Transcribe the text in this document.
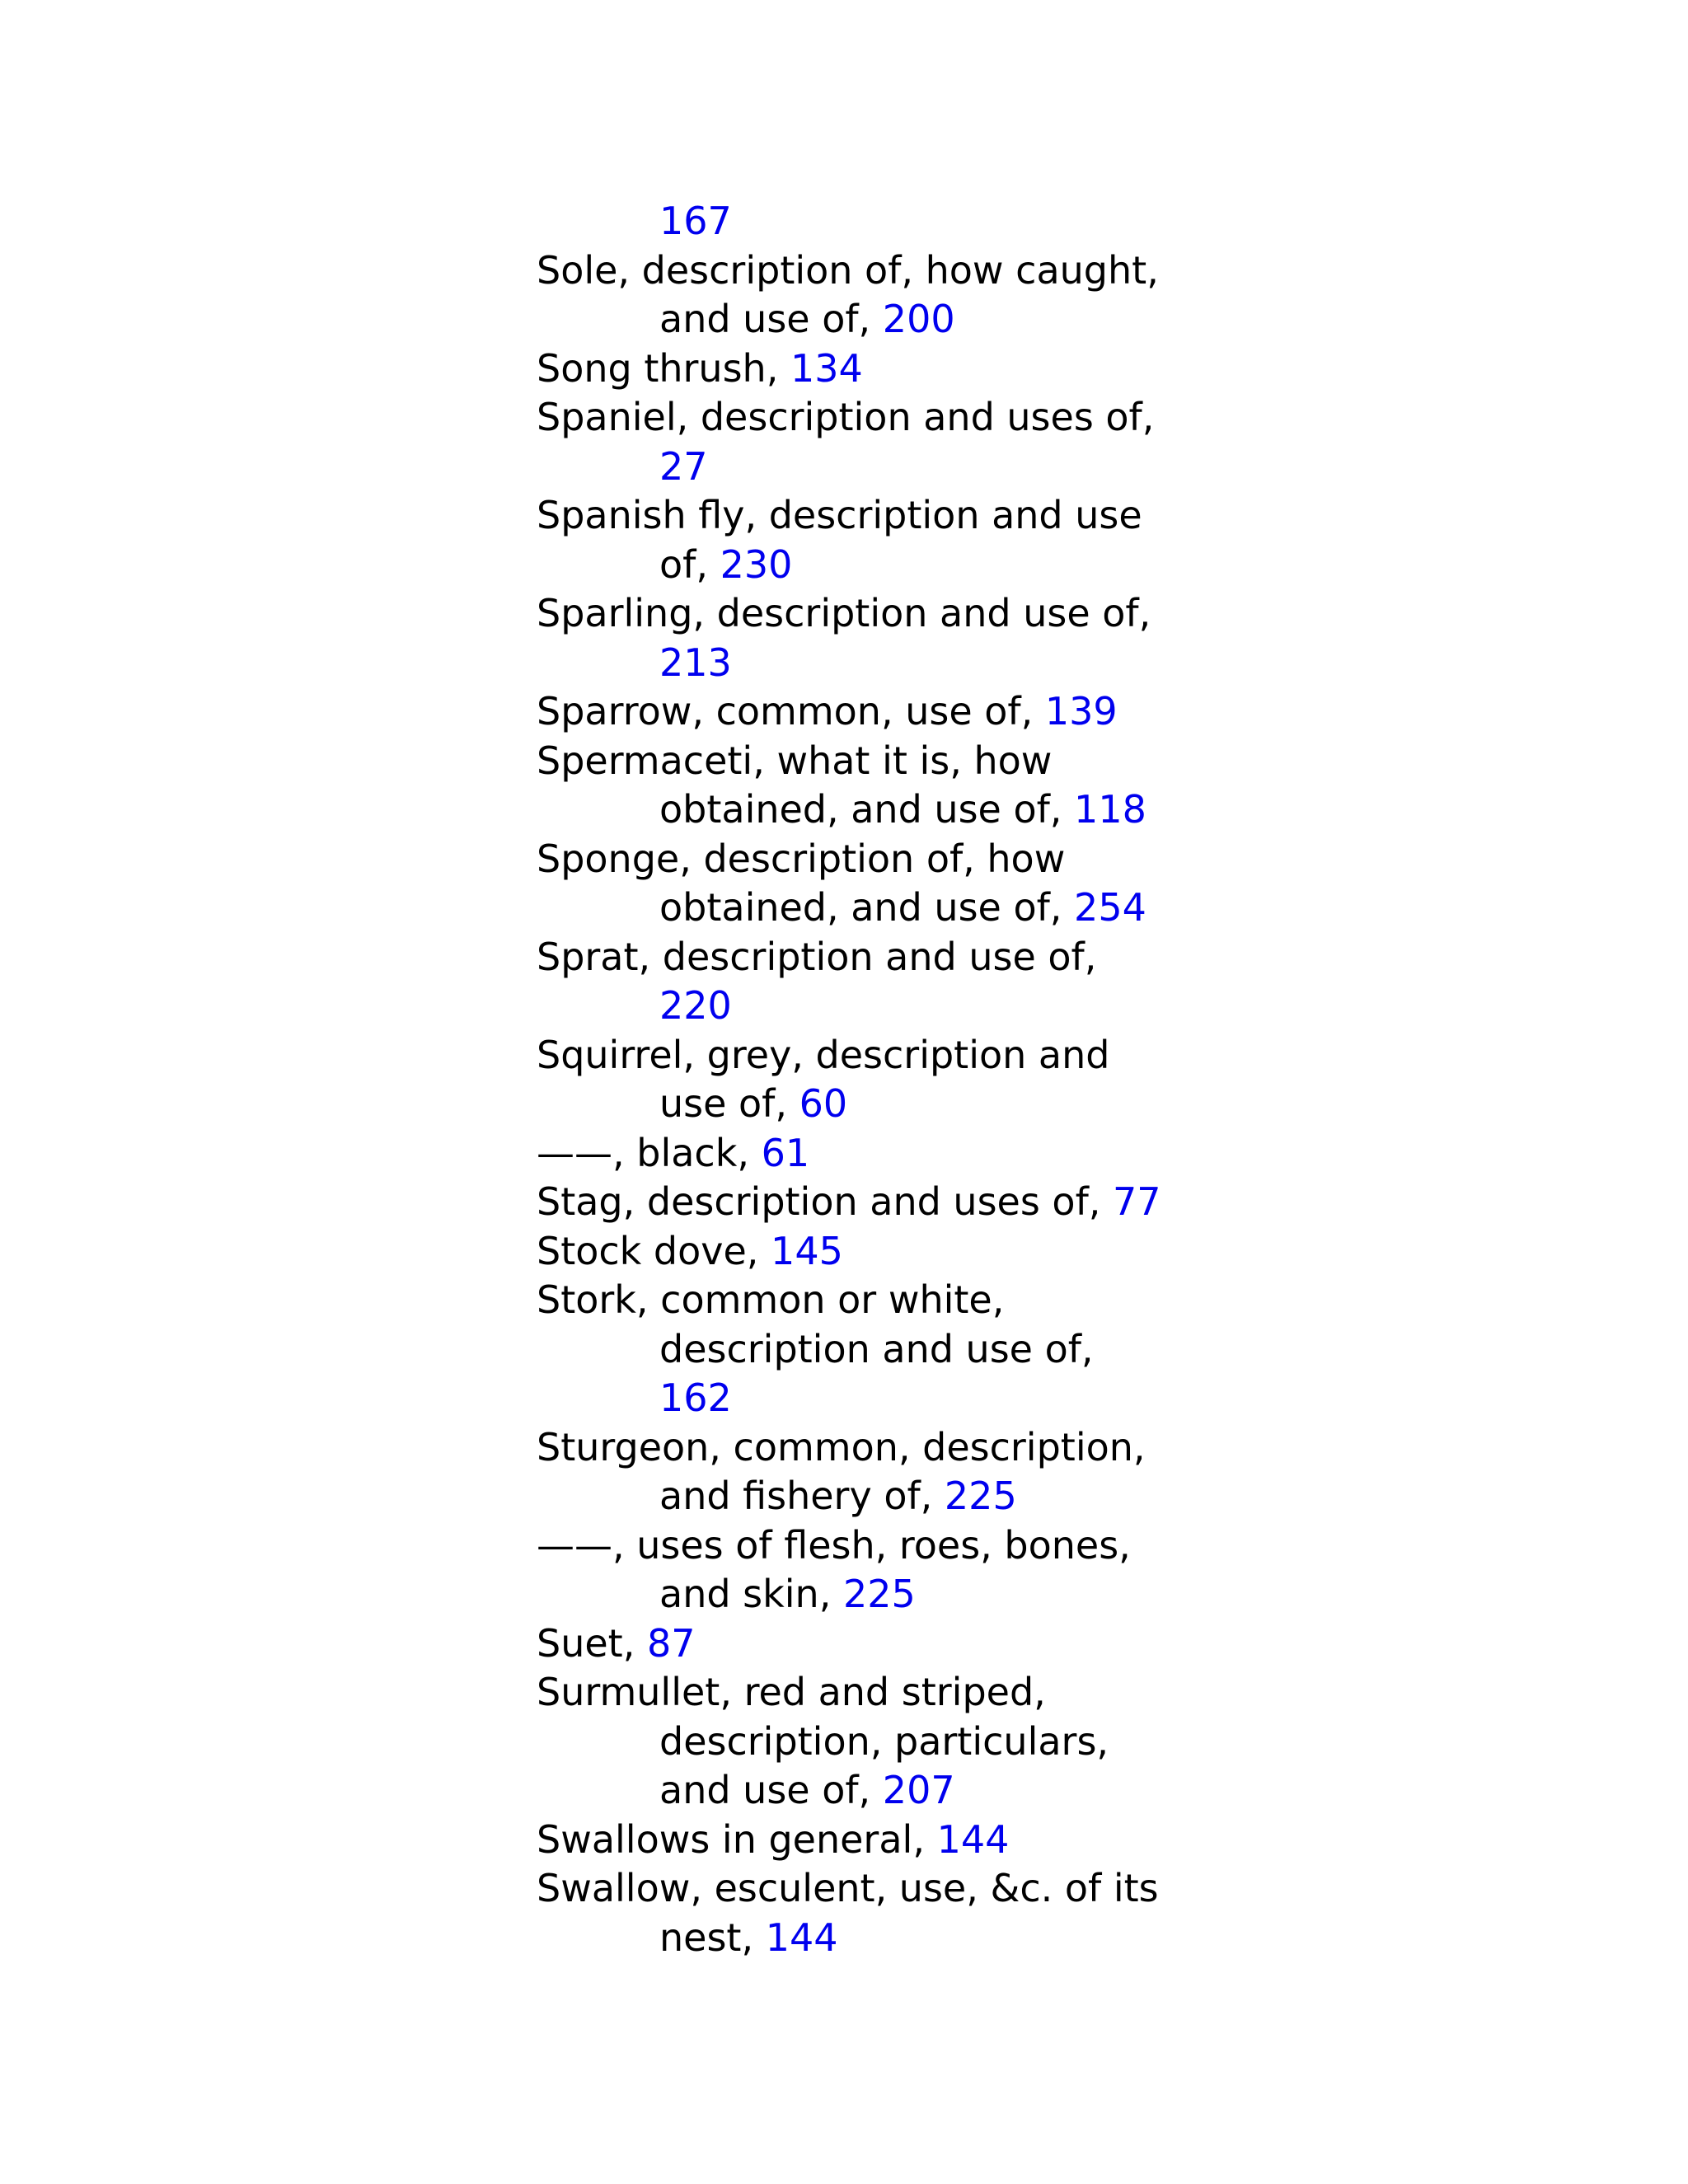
167
Sole, description of, how caught,
and use of, 200
Song thrush, 134
Spaniel, description and uses of,
27
Spanish fly, description and use
of, 230
Sparling, description and use of,
213
Sparrow, common, use of, 139
Spermaceti, what it is, how
obtained, and use of, 118
Sponge, description of, how
obtained, and use of, 254
Sprat, description and use of,
220
Squirrel, grey, description and
use of, 60
——, black, 61
Stag, description and uses of, 77
Stock dove, 145
Stork, common or white,
description and use of,
162
Sturgeon, common, description,
and fishery of, 225
——, uses of flesh, roes, bones,
and skin, 225
Suet, 87
Surmullet, red and striped,
description, particulars,
and use of, 207
Swallows in general, 144
Swallow, esculent, use, &c. of its
nest, 144
